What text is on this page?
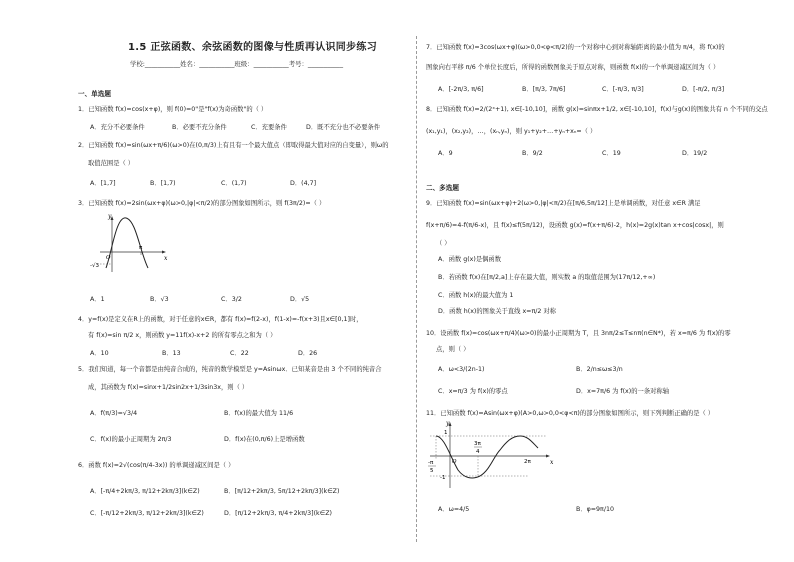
1.5 正弦函数、余弦函数的图像与性质再认识同步练习
学校:___________姓名：___________班级：___________考号：___________
一、单选题
1．已知函数 f(x)=cos(x+φ)，则 f(0)=0"是"f(x)为奇函数"的（ ）
A．充分不必要条件	B．必要不充分条件	C．充要条件	D．既不充分也不必要条件
2．已知函数 f(x)=sin(ωx+π/6)(ω>0)在(0,π/3)上有且有一个最大值点（即取得最大值对应的自变量），则ω的
取值范围是（ ）
A．[1,7]	B．[1,7)	C．(1,7)	D．(4,7]
3．已知函数 f(x)=2sin(ωx+φ)(ω>0,|φ|<π/2)的部分图象如图所示，则 f(3π/2)=（ ）
y
x
O
π
-√3
A．1	B．√3	C．3/2	D．√5
4．y=f(x)是定义在R上的函数，对于任意的x∈R，都有 f(x)=f(2-x)，f(1-x)=-f(x+3)且x∈[0,1]时，
有 f(x)=sin π/2 x，则函数 y=11f(x)-x+2 的所有零点之和为（ ）
A．10	B．13	C．22	D．26
5．我们知道，每一个音都是由纯音合成的，纯音的数学模型是 y=Asinωx．已知某音是由 3 个不同的纯音合
成，其函数为 f(x)=sinx+1/2sin2x+1/3sin3x，则（ ）
A．f(π/3)=√3/4	B．f(x)的最大值为 11/6
C．f(x)的最小正周期为 2π/3	D．f(x)在(0,π/6)上是增函数
6．函数 f(x)=2√(cos(π/4-3x)) 的单调递减区间是（ ）
A．[-π/4+2kπ/3, π/12+2kπ/3](k∈Z)	B．[π/12+2kπ/3, 5π/12+2kπ/3](k∈Z)
C．[-π/12+2kπ/3, π/12+2kπ/3](k∈Z)	D．[π/12+2kπ/3, π/4+2kπ/3](k∈Z)
7．已知函数 f(x)=3cos(ωx+φ)(ω>0,0<φ<π/2)的一个对称中心到对称轴距离的最小值为 π/4，将 f(x)的
图象向右平移 π/6 个单位长度后，所得的函数图象关于原点对称，则函数 f(x)的一个单调递减区间为（ ）
A．[-2π/3, π/6]	B．[π/3, 7π/6]	C．[-π/3, π/3]	D．[-π/2, π/3]
8．已知函数 f(x)=2/(2ˣ+1), x∈[-10,10]，函数 g(x)=sinπx+1/2, x∈[-10,10]，f(x)与g(x)的图象共有 n 个不同的交点
(x₁,y₁)，(x₂,y₂)，…，(xₙ,yₙ)，则 y₁+y₂+…+yₙ+xₙ=（ ）
A．9	B．9/2	C．19	D．19/2
二、多选题
9．已知函数 f(x)=sin(ωx+φ)+2(ω>0,|φ|<π/2)在[π/6,5π/12]上是单调函数，对任意 x∈R 满足
f(x+π/6)=4-f(π/6-x)，且 f(x)≤f(5π/12)，设函数 g(x)=f(x+π/6)-2，h(x)=2g(x)tan x+cos|cosx|，则
（ ）
A．函数 g(x)是偶函数
B．若函数 f(x)在[π/2,a]上存在最大值，则实数 a 的取值范围为(17π/12,+∞)
C．函数 h(x)的最大值为 1
D．函数 h(x)的图象关于直线 x=π/2 对称
10．设函数 f(x)=cos(ωx+π/4)(ω>0)的最小正周期为 T，且 3nπ/2≤T≤nπ(n∈N*)，若 x=π/6 为 f(x)的零
点，则（ ）
A．ω<3/(2n-1)	B．2/n≤ω≤3/n
C．x=π/3 为 f(x)的零点	D．x=7π/6 为 f(x)的一条对称轴
11．已知函数 f(x)=Asin(ωx+φ)(A>0,ω>0,0<φ<π)的部分图象如图所示，则下列判断正确的是（ ）
y
x
1
-1
3π
4
2π
O
-π
5
A．ω=4/5	B．φ=9π/10
